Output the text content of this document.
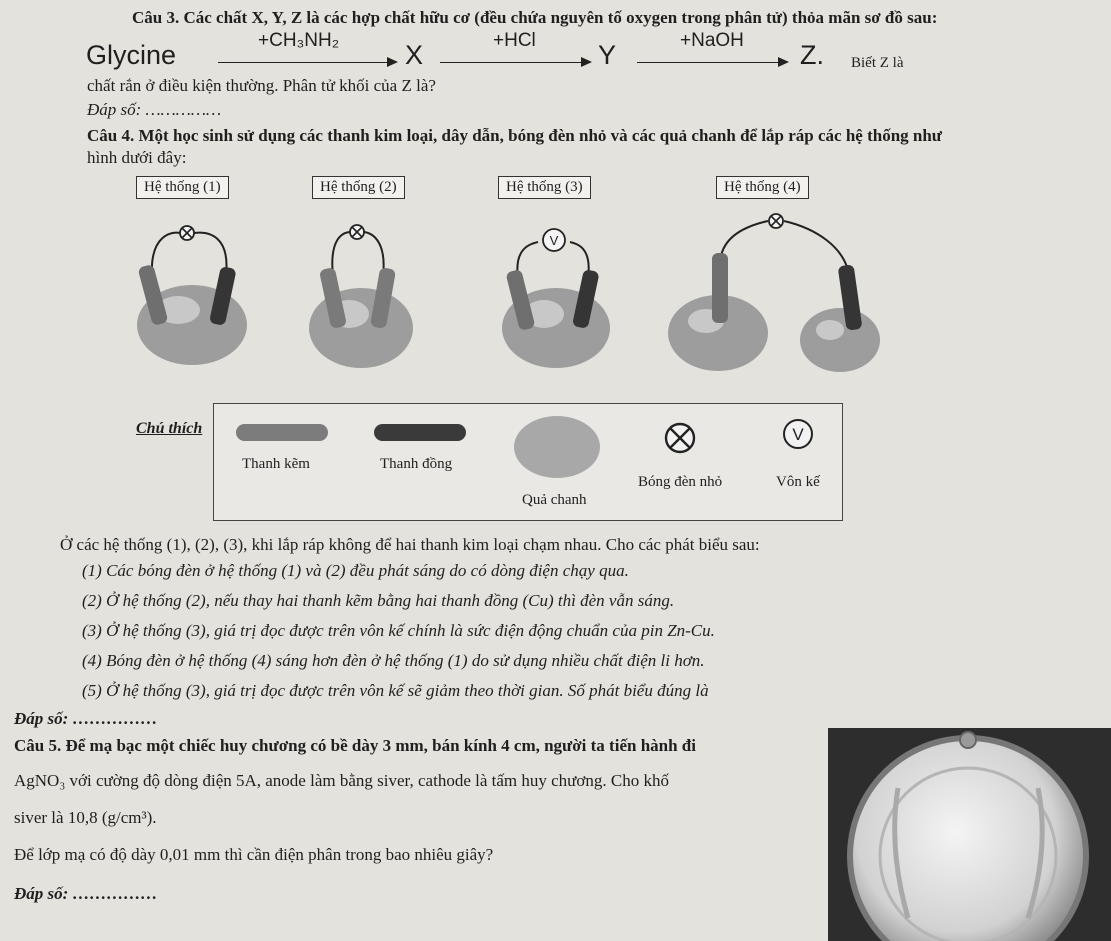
Câu 3. Các chất X, Y, Z là các hợp chất hữu cơ (đều chứa nguyên tố oxygen trong phân tử) thỏa mãn sơ đồ sau:
Glycine	+CH₃NH₂ X	+HCl Y	+NaOH Z. Biết Z là
chất rắn ở điều kiện thường. Phân tử khối của Z là?
Đáp số: ……………
Câu 4. Một học sinh sử dụng các thanh kim loại, dây dẫn, bóng đèn nhỏ và các quả chanh để lắp ráp các hệ thống như
hình dưới đây:
Hệ thống (1)	Hệ thống (2)	Hệ thống (3)	Hệ thống (4)
V
Chú thích
Thanh kẽm	Thanh đồng
Quả chanh
Bóng đèn nhỏ
V
Vôn kế
Ở các hệ thống (1), (2), (3), khi lắp ráp không để hai thanh kim loại chạm nhau. Cho các phát biểu sau:
(1) Các bóng đèn ở hệ thống (1) và (2) đều phát sáng do có dòng điện chạy qua.
(2) Ở hệ thống (2), nếu thay hai thanh kẽm bằng hai thanh đồng (Cu) thì đèn vẫn sáng.
(3) Ở hệ thống (3), giá trị đọc được trên vôn kế chính là sức điện động chuẩn của pin Zn-Cu.
(4) Bóng đèn ở hệ thống (4) sáng hơn đèn ở hệ thống (1) do sử dụng nhiều chất điện li hơn.
(5) Ở hệ thống (3), giá trị đọc được trên vôn kế sẽ giảm theo thời gian. Số phát biểu đúng là
Đáp số: ……………
Câu 5. Để mạ bạc một chiếc huy chương có bề dày 3 mm, bán kính 4 cm, người ta tiến hành đi
AgNO₃ với cường độ dòng điện 5A, anode làm bằng siver, cathode là tấm huy chương. Cho khố
siver là 10,8 (g/cm³).
Để lớp mạ có độ dày 0,01 mm thì cần điện phân trong bao nhiêu giây?
Đáp số: ……………
